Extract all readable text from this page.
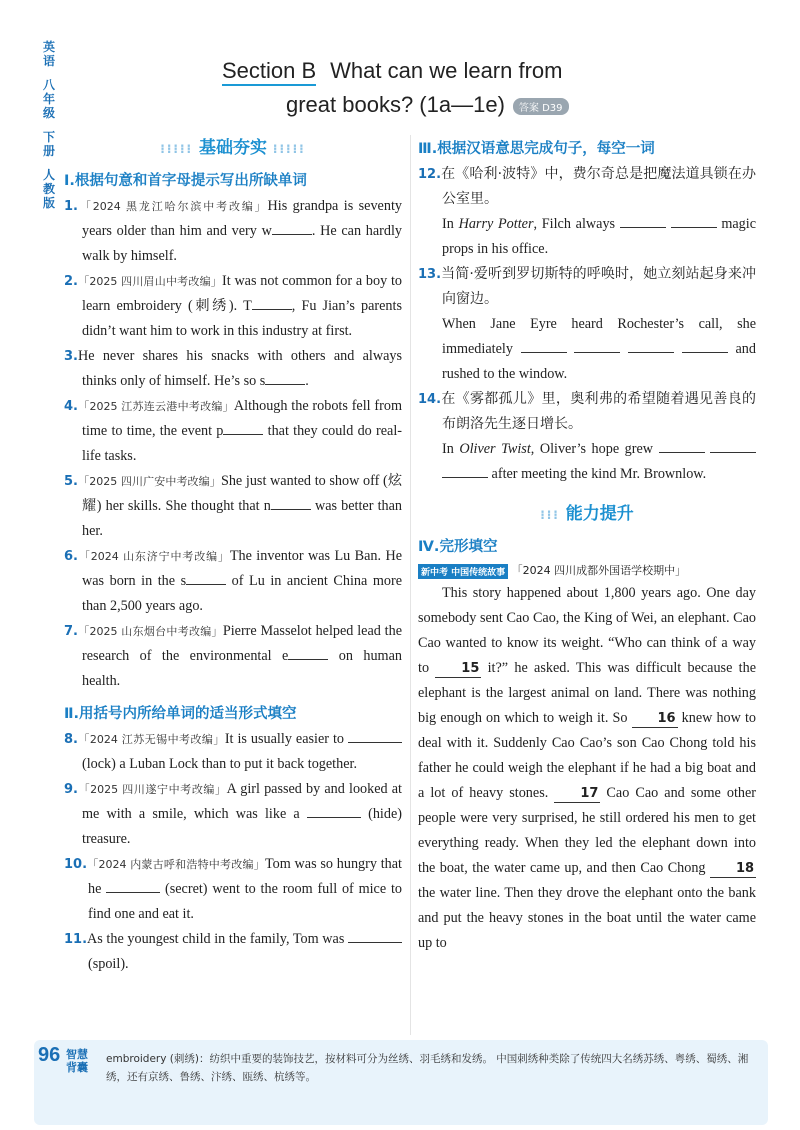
英语
八年级
下册
人教版
Section B What can we learn from
great books? (1a—1e) 答案 D39
⁝⁝⁝⁝⁝ 基础夯实 ⁝⁝⁝⁝⁝
Ⅰ.根据句意和首字母提示写出所缺单词
1.「2024 黑龙江哈尔滨中考改编」His grandpa is seventy years older than him and very w	. He can hardly walk by himself.
2.「2025 四川眉山中考改编」It was not common for a boy to learn embroidery (刺绣). T	, Fu Jian’s parents didn’t want him to work in this industry at first.
3.He never shares his snacks with others and always thinks only of himself. He’s so s	.
4.「2025 江苏连云港中考改编」Although the robots fell from time to time, the event p	that they could do real-life tasks.
5.「2025 四川广安中考改编」She just wanted to show off (炫耀) her skills. She thought that n	was better than her.
6.「2024 山东济宁中考改编」The inventor was Lu Ban. He was born in the s	of Lu in ancient China more than 2,500 years ago.
7.「2025 山东烟台中考改编」Pierre Masselot helped lead the research of the environmental e	on human health.
Ⅱ.用括号内所给单词的适当形式填空
8.「2024 江苏无锡中考改编」It is usually easier to  (lock) a Luban Lock than to put it back together.
9.「2025 四川遂宁中考改编」A girl passed by and looked at me with a smile, which was like a	(hide) treasure.
10.「2024 内蒙古呼和浩特中考改编」Tom was so hungry that he	(secret) went to the room full of mice to find one and eat it.
11.As the youngest child in the family, Tom was  (spoil).
Ⅲ.根据汉语意思完成句子，每空一词
12.在《哈利·波特》中，费尔奇总是把魔法道具锁在办公室里。
In Harry Potter, Filch always	magic props in his office.
13.当简·爱听到罗切斯特的呼唤时，她立刻站起身来冲向窗边。
When Jane Eyre heard Rochester’s call, she immediately	and rushed to the window.
14.在《雾都孤儿》里，奥利弗的希望随着遇见善良的布朗洛先生逐日增长。
In Oliver Twist, Oliver’s hope grew    after meeting the kind Mr. Brownlow.
⁝⁝⁝ 能力提升
Ⅳ.完形填空
新中考 中国传统故事 「2024 四川成都外国语学校期中」
This story happened about 1,800 years ago. One day somebody sent Cao Cao, the King of Wei, an elephant. Cao Cao wanted to know its weight. “Who can think of a way to 15 it?” he asked. This was difficult because the elephant is the largest animal on land. There was nothing big enough on which to weigh it. So 16 knew how to deal with it. Suddenly Cao Cao’s son Cao Chong told his father he could weigh the elephant if he had a big boat and a lot of heavy stones. 17 Cao Cao and some other people were very surprised, he still ordered his men to get everything ready. When they led the elephant down into the boat, the water came up, and then Cao Chong 18 the water line. Then they drove the elephant onto the bank and put the heavy stones in the boat until the water came up to
96 智慧背囊
embroidery (刺绣)：纺织中重要的装饰技艺，按材料可分为丝绣、羽毛绣和发绣。 中国刺绣种类除了传统四大名绣苏绣、粤绣、蜀绣、湘绣，还有京绣、鲁绣、汴绣、瓯绣、杭绣等。
